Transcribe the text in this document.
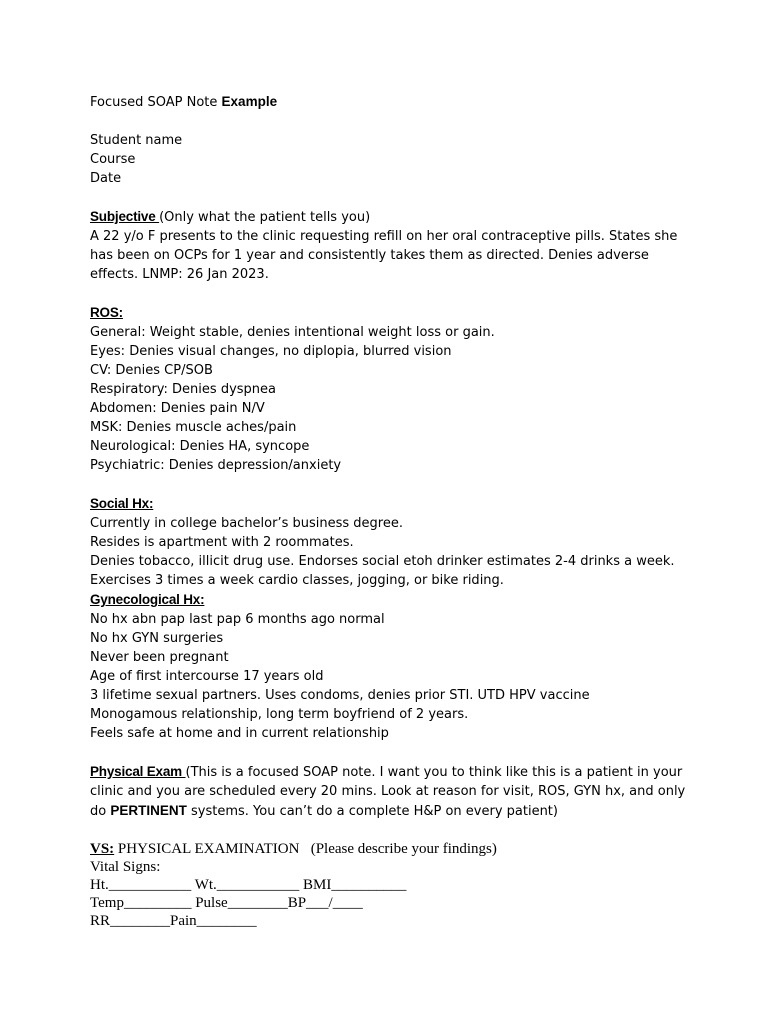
Focused SOAP Note Example
Student name
Course
Date
Subjective (Only what the patient tells you)
A 22 y/o F presents to the clinic requesting refill on her oral contraceptive pills. States she has been on OCPs for 1 year and consistently takes them as directed. Denies adverse effects. LNMP: 26 Jan 2023.
ROS:
General: Weight stable, denies intentional weight loss or gain.
Eyes: Denies visual changes, no diplopia, blurred vision
CV: Denies CP/SOB
Respiratory: Denies dyspnea
Abdomen: Denies pain N/V
MSK: Denies muscle aches/pain
Neurological: Denies HA, syncope
Psychiatric: Denies depression/anxiety
Social Hx:
Currently in college bachelor’s business degree.
Resides is apartment with 2 roommates.
Denies tobacco, illicit drug use. Endorses social etoh drinker estimates 2-4 drinks a week.
Exercises 3 times a week cardio classes, jogging, or bike riding.
Gynecological Hx:
No hx abn pap last pap 6 months ago normal
No hx GYN surgeries
Never been pregnant
Age of first intercourse 17 years old
3 lifetime sexual partners. Uses condoms, denies prior STI. UTD HPV vaccine
Monogamous relationship, long term boyfriend of 2 years.
Feels safe at home and in current relationship
Physical Exam (This is a focused SOAP note. I want you to think like this is a patient in your clinic and you are scheduled every 20 mins. Look at reason for visit, ROS, GYN hx, and only do PERTINENT systems. You can’t do a complete H&P on every patient)
VS: PHYSICAL EXAMINATION   (Please describe your findings)
Vital Signs:
Ht.___________ Wt.___________ BMI__________
Temp_________ Pulse________BP___/____
RR________Pain________
